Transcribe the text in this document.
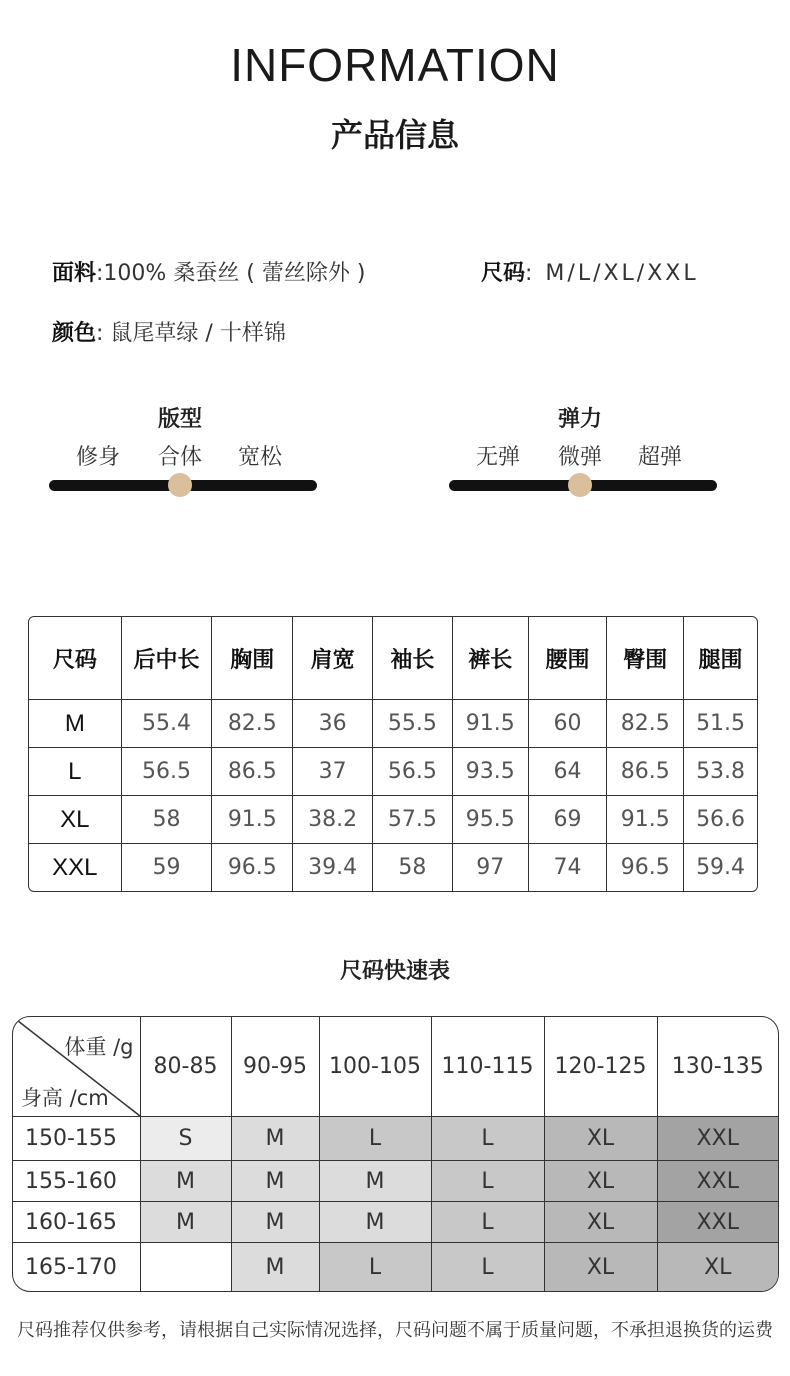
INFORMATION
产品信息
面料:100% 桑蚕丝 ( 蕾丝除外 )	尺码: M/L/XL/XXL
颜色: 鼠尾草绿 / 十样锦
版型
修身	合体	宽松
弹力
无弹	微弹	超弹
尺码	后中长	胸围	肩宽	袖长	裤长	腰围	臀围	腿围
M	55.4	82.5	36	55.5	91.5	60	82.5	51.5
L	56.5	86.5	37	56.5	93.5	64	86.5	53.8
XL	58	91.5	38.2	57.5	95.5	69	91.5	56.6
XXL	59	96.5	39.4	58	97	74	96.5	59.4
尺码快速表
体重 /g
身高 /cm	80-85	90-95	100-105	110-115	120-125	130-135
150-155	S	M	L	L	XL	XXL
155-160	M	M	M	L	XL	XXL
160-165	M	M	M	L	XL	XXL
165-170		M	L	L	XL	XL
尺码推荐仅供参考，请根据自己实际情况选择，尺码问题不属于质量问题，不承担退换货的运费
